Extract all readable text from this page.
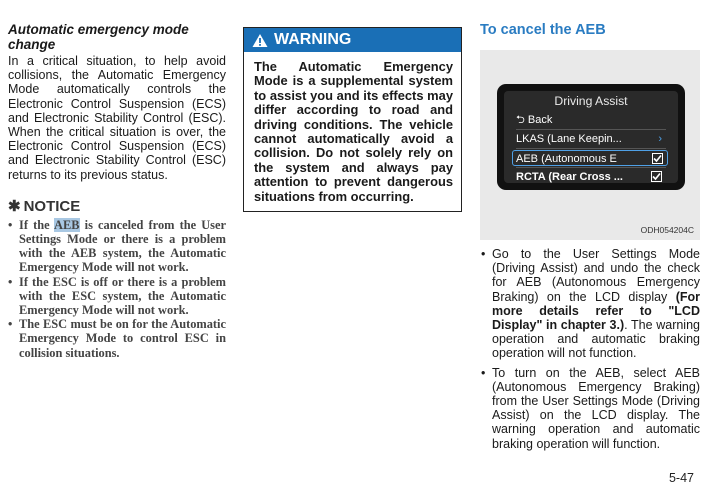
Automatic emergency mode
change

In a critical situation, to help avoid collisions, the Automatic Emergency Mode automatically controls the Electronic Control Suspension (ECS) and Electronic Stability Control (ESC). When the critical situation is over, the Electronic Control Suspension (ECS) and Electronic Stability Control (ESC) returns to its previous status.

✱ NOTICE
• If the AEB is canceled from the User Settings Mode or there is a problem with the AEB system, the Automatic Emergency Mode will not work.
• If the ESC is off or there is a problem with the ESC system, the Automatic Emergency Mode will not work.
• The ESC must be on for the Automatic Emergency Mode to control ESC in collision situations.
WARNING
The Automatic Emergency Mode is a supplemental system to assist you and its effects may differ according to road and driving conditions. The vehicle cannot automatically avoid a collision. Do not solely rely on the system and always pay attention to prevent dangerous situations from occurring.

To cancel the AEB

Driving Assist
⮌ Back
LKAS (Lane Keepin...	›
AEB (Autonomous E
RCTA (Rear Cross ...
ODH054204C
• Go to the User Settings Mode (Driving Assist) and undo the check for AEB (Autonomous Emergency Braking) on the LCD display (For more details refer to "LCD Display" in chapter 3.). The warning operation and automatic braking operation will not function.
• To turn on the AEB, select AEB (Autonomous Emergency Braking) from the User Settings Mode (Driving Assist) on the LCD display. The warning operation and automatic braking operation will function.
5-47
